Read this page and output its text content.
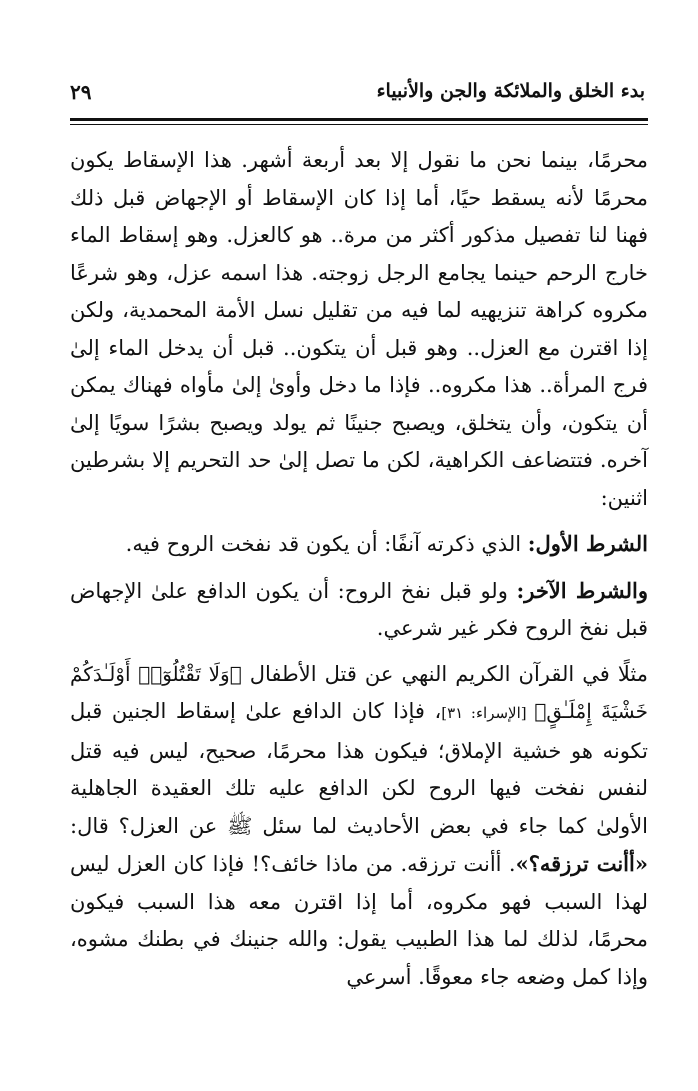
بدء الخلق والملائكة والجن والأنبياء
٢٩

محرمًا، بينما نحن ما نقول إلا بعد أربعة أشهر. هذا الإسقاط يكون محرمًا لأنه يسقط حيًا، أما إذا كان الإسقاط أو الإجهاض قبل ذلك فهنا لنا تفصيل مذكور أكثر من مرة.. هو كالعزل. وهو إسقاط الماء خارج الرحم حينما يجامع الرجل زوجته. هذا اسمه عزل، وهو شرعًا مكروه كراهة تنزيهيه لما فيه من تقليل نسل الأمة المحمدية، ولكن إذا اقترن مع العزل.. وهو قبل أن يتكون.. قبل أن يدخل الماء إلىٰ فرج المرأة.. هذا مكروه.. فإذا ما دخل وأوىٰ إلىٰ مأواه فهناك يمكن أن يتكون، وأن يتخلق، ويصبح جنينًا ثم يولد ويصبح بشرًا سويًا إلىٰ آخره. فتتضاعف الكراهية، لكن ما تصل إلىٰ حد التحريم إلا بشرطين اثنين:

الشرط الأول: الذي ذكرته آنفًا: أن يكون قد نفخت الروح فيه.

والشرط الآخر: ولو قبل نفخ الروح: أن يكون الدافع علىٰ الإجهاض قبل نفخ الروح فكر غير شرعي.

مثلًا في القرآن الكريم النهي عن قتل الأطفال ﴿وَلَا تَقْتُلُوٓا۟ أَوْلَـٰدَكُمْ خَشْيَةَ إِمْلَـٰقٍ﴾ [الإسراء: ٣١]، فإذا كان الدافع علىٰ إسقاط الجنين قبل تكونه هو خشية الإملاق؛ فيكون هذا محرمًا، صحيح، ليس فيه قتل لنفس نفخت فيها الروح لكن الدافع عليه تلك العقيدة الجاهلية الأولىٰ كما جاء في بعض الأحاديث لما سئل ﷺ عن العزل؟ قال: «أأنت ترزقه؟». أأنت ترزقه. من ماذا خائف؟! فإذا كان العزل ليس لهذا السبب فهو مكروه، أما إذا اقترن معه هذا السبب فيكون محرمًا، لذلك لما هذا الطبيب يقول: والله جنينك في بطنك مشوه، وإذا كمل وضعه جاء معوقًا. أسرعي
